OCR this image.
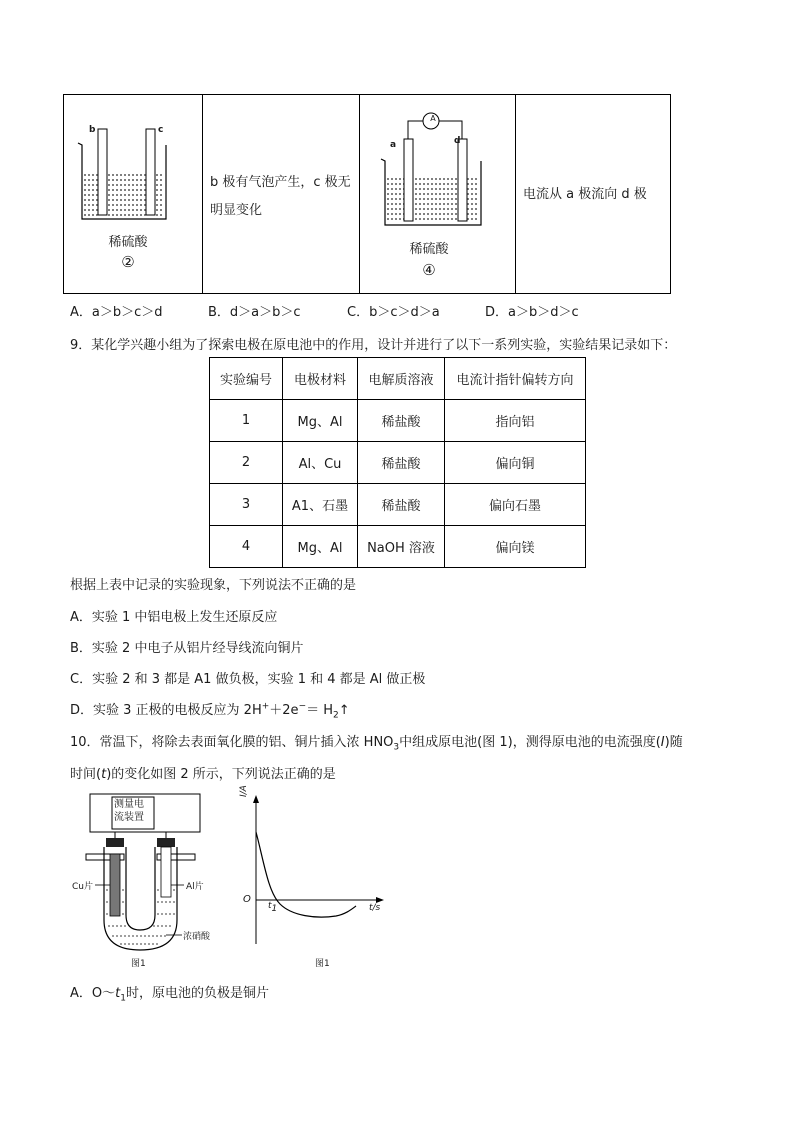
b	c
稀硫酸
②
b 极有气泡产生，c 极无
明显变化
A
a	d
稀硫酸
④
电流从 a 极流向 d 极
A．a＞b＞c＞d	B．d＞a＞b＞c	C．b＞c＞d＞a	D．a＞b＞d＞c
9．某化学兴趣小组为了探索电极在原电池中的作用，设计并进行了以下一系列实验，实验结果记录如下：
实验编号	电极材料	电解质溶液	电流计指针偏转方向
1	Mg、Al	稀盐酸	指向铝
2	Al、Cu	稀盐酸	偏向铜
3	A1、石墨	稀盐酸	偏向石墨
4	Mg、Al	NaOH 溶液	偏向镁
根据上表中记录的实验现象，下列说法不正确的是
A．实验 1 中铝电极上发生还原反应
B．实验 2 中电子从铝片经导线流向铜片
C．实验 2 和 3 都是 A1 做负极，实验 1 和 4 都是 Al 做正极
D．实验 3 正极的电极反应为 $2H^++2e^-= H_2↑$
10．常温下，将除去表面氧化膜的铝、铜片插入浓 $HNO_3$中组成原电池(图 1)，测得原电池的电流强度(I)随
时间(t)的变化如图 2 所示，下列说法正确的是
测量电
流装置
Cu片	Al片
浓硝酸
图1
I/A
O
$t_1$	t/s
图1
A．$O\sim t_1$时，原电池的负极是铜片
